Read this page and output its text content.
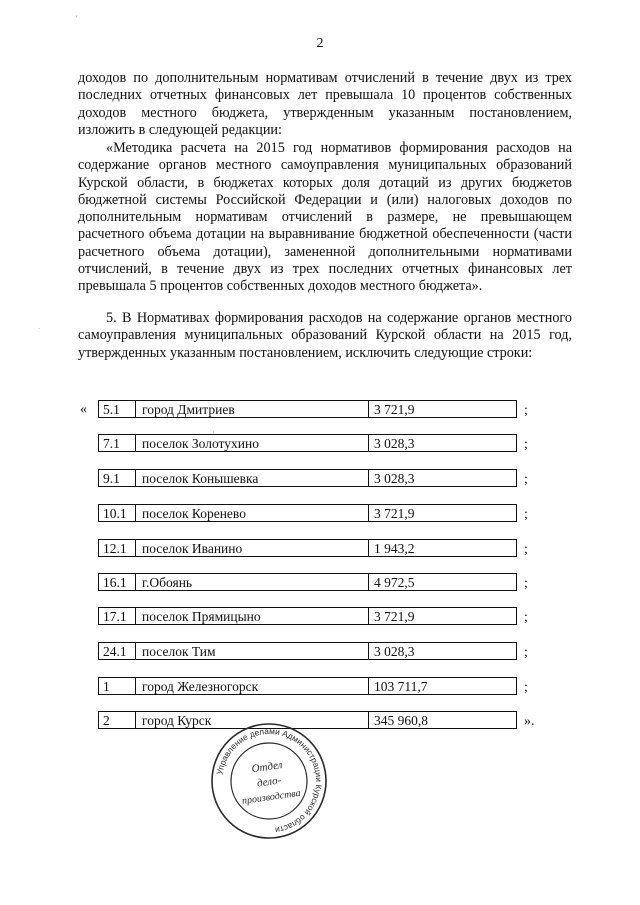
'
.
·
2
доходов по дополнительным нормативам отчислений в течение двух из трех последних отчетных финансовых лет превышала 10 процентов собственных доходов местного бюджета, утвержденным указанным постановлением, изложить в следующей редакции:
«Методика расчета на 2015 год нормативов формирования расходов на содержание органов местного самоуправления муниципальных образований Курской области, в бюджетах которых доля дотаций из других бюджетов бюджетной системы Российской Федерации и (или) налоговых доходов по дополнительным нормативам отчислений в размере, не превышающем расчетного объема дотации на выравнивание бюджетной обеспеченности (части расчетного объема дотации), замененной дополнительными нормативами отчислений, в течение двух из трех последних отчетных финансовых лет превышала 5 процентов собственных доходов местного бюджета».
5. В Нормативах формирования расходов на содержание органов местного самоуправления муниципальных образований Курской области на 2015 год, утвержденных указанным постановлением, исключить следующие строки:
«	5.1	город Дмитриев	3 721,9	;
7.1	поселок Золотухино	3 028,3	;
9.1	поселок Конышевка	3 028,3	;
10.1	поселок Коренево	3 721,9	;
12.1	поселок Иванино	1 943,2	;
16.1	г.Обоянь	4 972,5	;
17.1	поселок Прямицыно	3 721,9	;
24.1	поселок Тим	3 028,3	;
1	город Железногорск	103 711,7	;
2	город Курск	345 960,8	».
Управление делами Администрации Курской области
Отдел
дело-
производства
